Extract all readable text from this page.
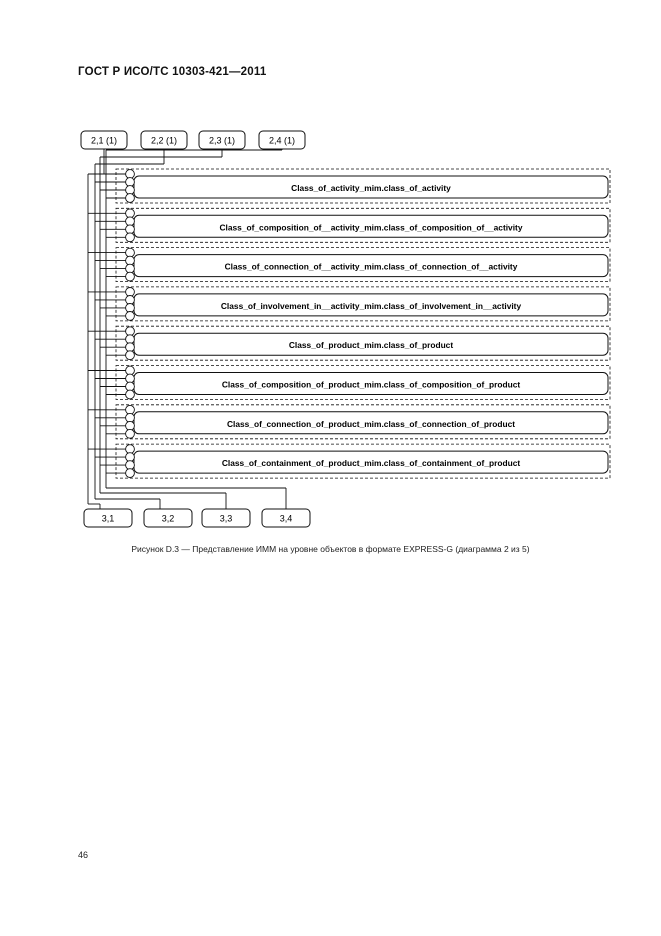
ГОСТ Р ИСО/ТС 10303-421—2011
Class_of_activity_mim.class_of_activity
Class_of_composition_of__activity_mim.class_of_composition_of__activity
Class_of_connection_of__activity_mim.class_of_connection_of__activity
Class_of_involvement_in__activity_mim.class_of_involvement_in__activity
Class_of_product_mim.class_of_product
Class_of_composition_of_product_mim.class_of_composition_of_product
Class_of_connection_of_product_mim.class_of_connection_of_product
Class_of_containment_of_product_mim.class_of_containment_of_product
2,1 (1)	2,2 (1)	2,3 (1)	2,4 (1)
3,1	3,2	3,3	3,4
Рисунок D.3 — Представление ИММ на уровне объектов в формате EXPRESS-G (диаграмма 2 из 5)
46
